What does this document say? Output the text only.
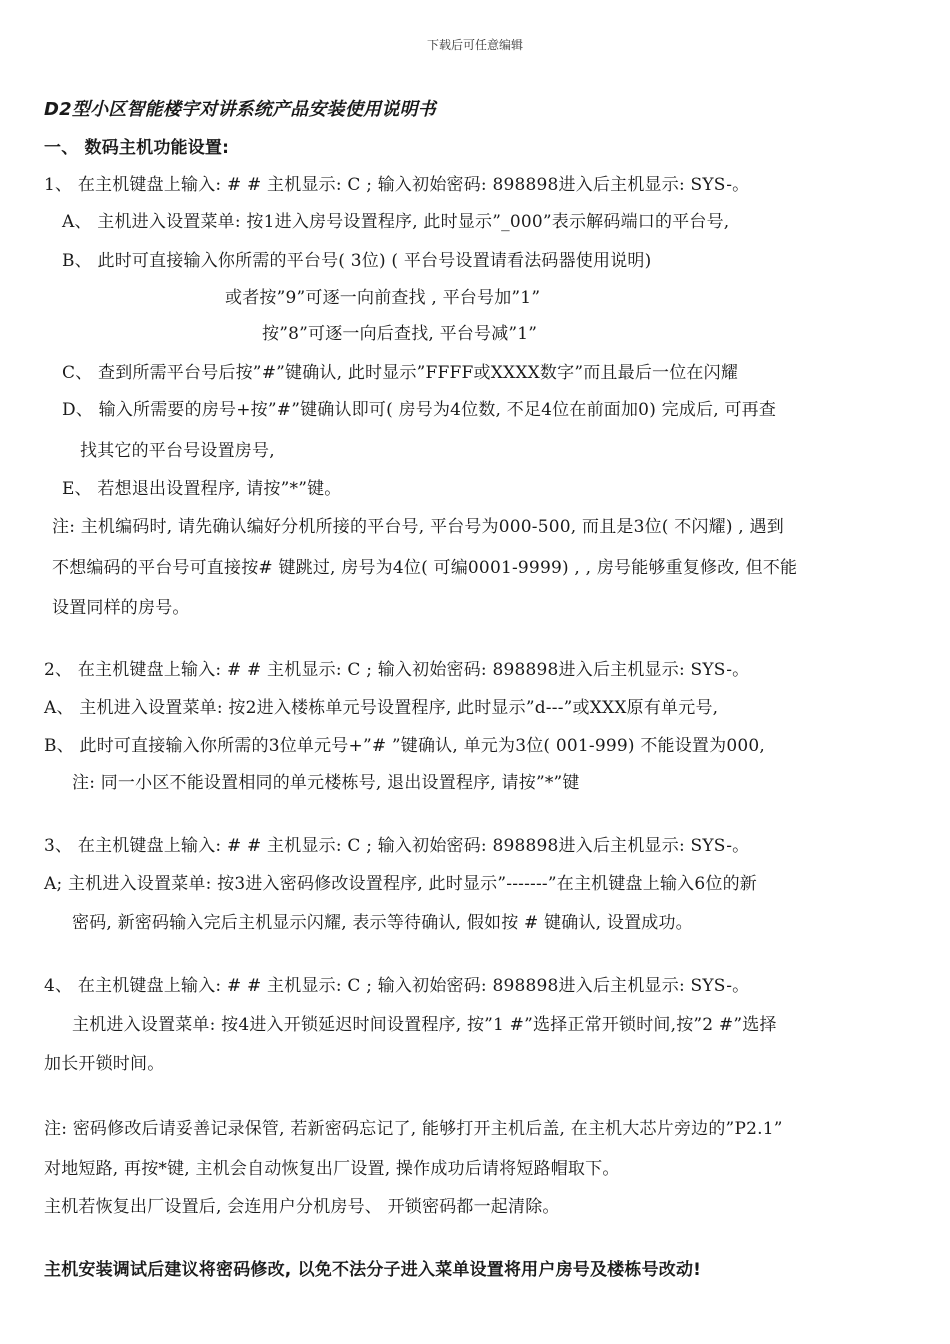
下载后可任意编辑
D2型小区智能楼宇对讲系统产品安装使用说明书
一、 数码主机功能设置:
1、 在主机键盘上输入: # # 主机显示: C ; 输入初始密码: 898898进入后主机显示: SYS-。
A、 主机进入设置菜单: 按1进入房号设置程序, 此时显示”_000”表示解码端口的平台号,
B、 此时可直接输入你所需的平台号( 3位) ( 平台号设置请看法码器使用说明)
或者按”9”可逐一向前查找 , 平台号加”1”
按”8”可逐一向后查找, 平台号减”1”
C、 查到所需平台号后按”#”键确认, 此时显示”FFFF或XXXX数字”而且最后一位在闪耀
D、 输入所需要的房号+按”#”键确认即可( 房号为4位数, 不足4位在前面加0) 完成后, 可再查
找其它的平台号设置房号,
E、 若想退出设置程序, 请按”*”键。
注: 主机编码时, 请先确认编好分机所接的平台号, 平台号为000-500, 而且是3位( 不闪耀) , 遇到
不想编码的平台号可直接按# 键跳过, 房号为4位( 可编0001-9999) , , 房号能够重复修改, 但不能
设置同样的房号。
2、 在主机键盘上输入: # # 主机显示: C ; 输入初始密码: 898898进入后主机显示: SYS-。
A、 主机进入设置菜单: 按2进入楼栋单元号设置程序, 此时显示”d---”或XXX原有单元号,
B、 此时可直接输入你所需的3位单元号+”# ”键确认, 单元为3位( 001-999) 不能设置为000,
注: 同一小区不能设置相同的单元楼栋号, 退出设置程序, 请按”*”键
3、 在主机键盘上输入: # # 主机显示: C ; 输入初始密码: 898898进入后主机显示: SYS-。
A; 主机进入设置菜单: 按3进入密码修改设置程序, 此时显示”-------”在主机键盘上输入6位的新
密码, 新密码输入完后主机显示闪耀, 表示等待确认, 假如按 # 键确认, 设置成功。
4、 在主机键盘上输入: # # 主机显示: C ; 输入初始密码: 898898进入后主机显示: SYS-。
主机进入设置菜单: 按4进入开锁延迟时间设置程序, 按”1 #”选择正常开锁时间,按”2 #”选择
加长开锁时间。
注: 密码修改后请妥善记录保管, 若新密码忘记了, 能够打开主机后盖, 在主机大芯片旁边的”P2.1”
对地短路, 再按*键, 主机会自动恢复出厂设置, 操作成功后请将短路帽取下。
主机若恢复出厂设置后, 会连用户分机房号、 开锁密码都一起清除。
主机安装调试后建议将密码修改, 以免不法分子进入菜单设置将用户房号及楼栋号改动!
